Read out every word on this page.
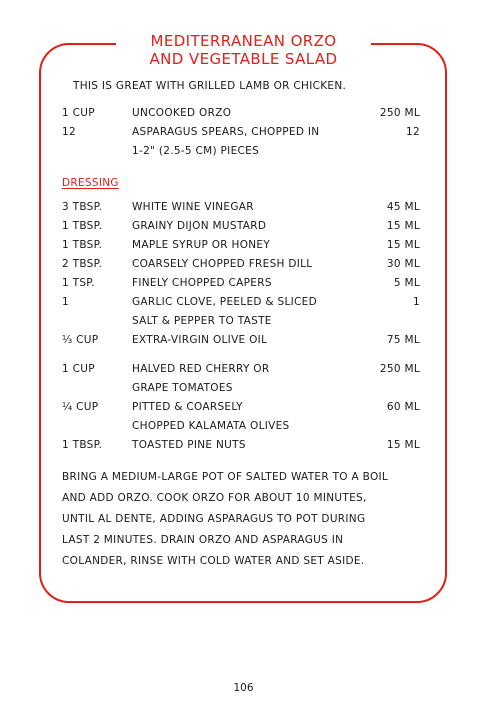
MEDITERRANEAN ORZO
AND VEGETABLE SALAD
THIS IS GREAT WITH GRILLED LAMB OR CHICKEN.
1 CUP	UNCOOKED ORZO	250 ML
12	ASPARAGUS SPEARS, CHOPPED IN	12
1-2" (2.5-5 CM) PIECES
DRESSING
3 TBSP.	WHITE WINE VINEGAR	45 ML
1 TBSP.	GRAINY DIJON MUSTARD	15 ML
1 TBSP.	MAPLE SYRUP OR HONEY	15 ML
2 TBSP.	COARSELY CHOPPED FRESH DILL	30 ML
1 TSP.	FINELY CHOPPED CAPERS	5 ML
1	GARLIC CLOVE, PEELED & SLICED	1
SALT & PEPPER TO TASTE
⅓ CUP	EXTRA-VIRGIN OLIVE OIL	75 ML
1 CUP	HALVED RED CHERRY OR	250 ML
GRAPE TOMATOES
¼ CUP	PITTED & COARSELY	60 ML
CHOPPED KALAMATA OLIVES
1 TBSP.	TOASTED PINE NUTS	15 ML
BRING A MEDIUM-LARGE POT OF SALTED WATER TO A BOIL
AND ADD ORZO. COOK ORZO FOR ABOUT 10 MINUTES,
UNTIL AL DENTE, ADDING ASPARAGUS TO POT DURING
LAST 2 MINUTES. DRAIN ORZO AND ASPARAGUS IN
COLANDER, RINSE WITH COLD WATER AND SET ASIDE.
106
